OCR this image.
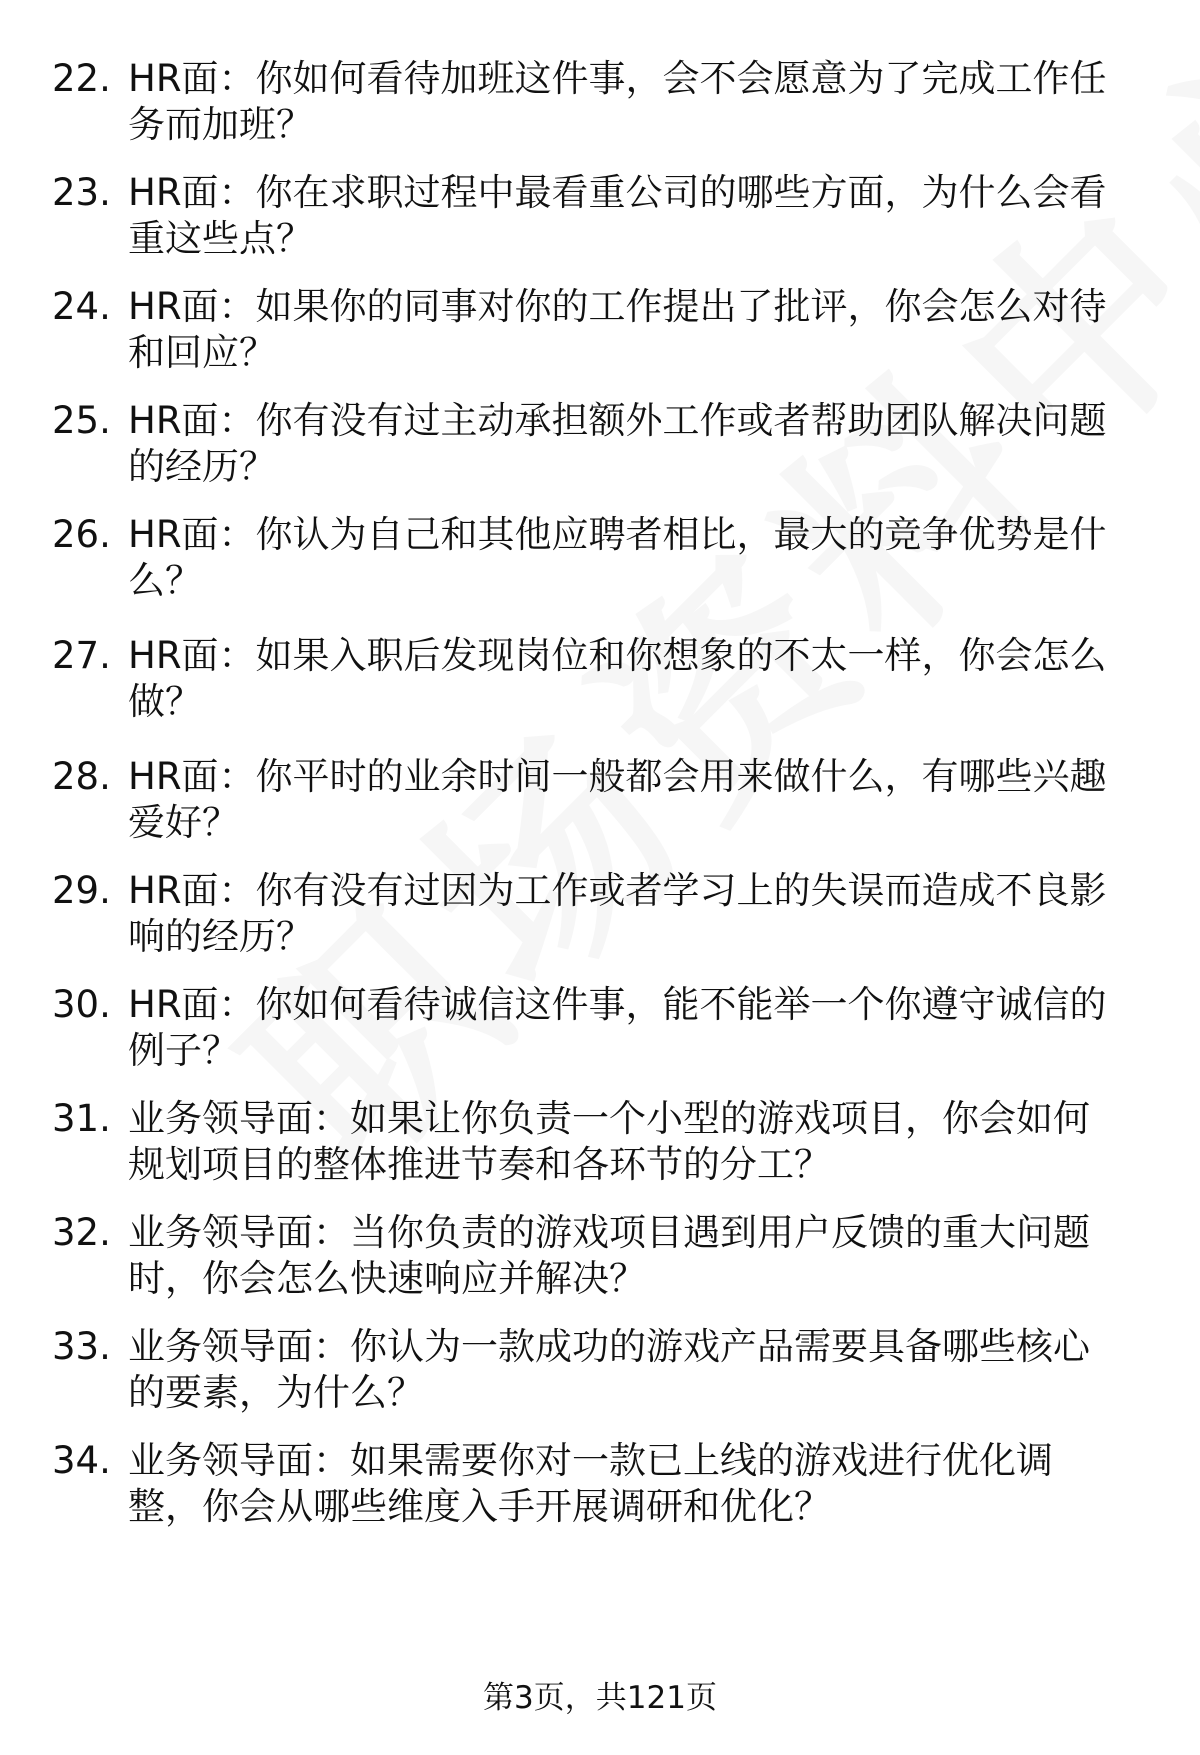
22. HR面：你如何看待加班这件事，会不会愿意为了完成工作任务而加班？
23. HR面：你在求职过程中最看重公司的哪些方面，为什么会看重这些点？
24. HR面：如果你的同事对你的工作提出了批评，你会怎么对待和回应？
25. HR面：你有没有过主动承担额外工作或者帮助团队解决问题的经历？
26. HR面：你认为自己和其他应聘者相比，最大的竞争优势是什么？
27. HR面：如果入职后发现岗位和你想象的不太一样，你会怎么做？
28. HR面：你平时的业余时间一般都会用来做什么，有哪些兴趣爱好？
29. HR面：你有没有过因为工作或者学习上的失误而造成不良影响的经历？
30. HR面：你如何看待诚信这件事，能不能举一个你遵守诚信的例子？
31. 业务领导面：如果让你负责一个小型的游戏项目，你会如何规划项目的整体推进节奏和各环节的分工？
32. 业务领导面：当你负责的游戏项目遇到用户反馈的重大问题时，你会怎么快速响应并解决？
33. 业务领导面：你认为一款成功的游戏产品需要具备哪些核心的要素，为什么？
34. 业务领导面：如果需要你对一款已上线的游戏进行优化调整，你会从哪些维度入手开展调研和优化？
第3页，共121页
